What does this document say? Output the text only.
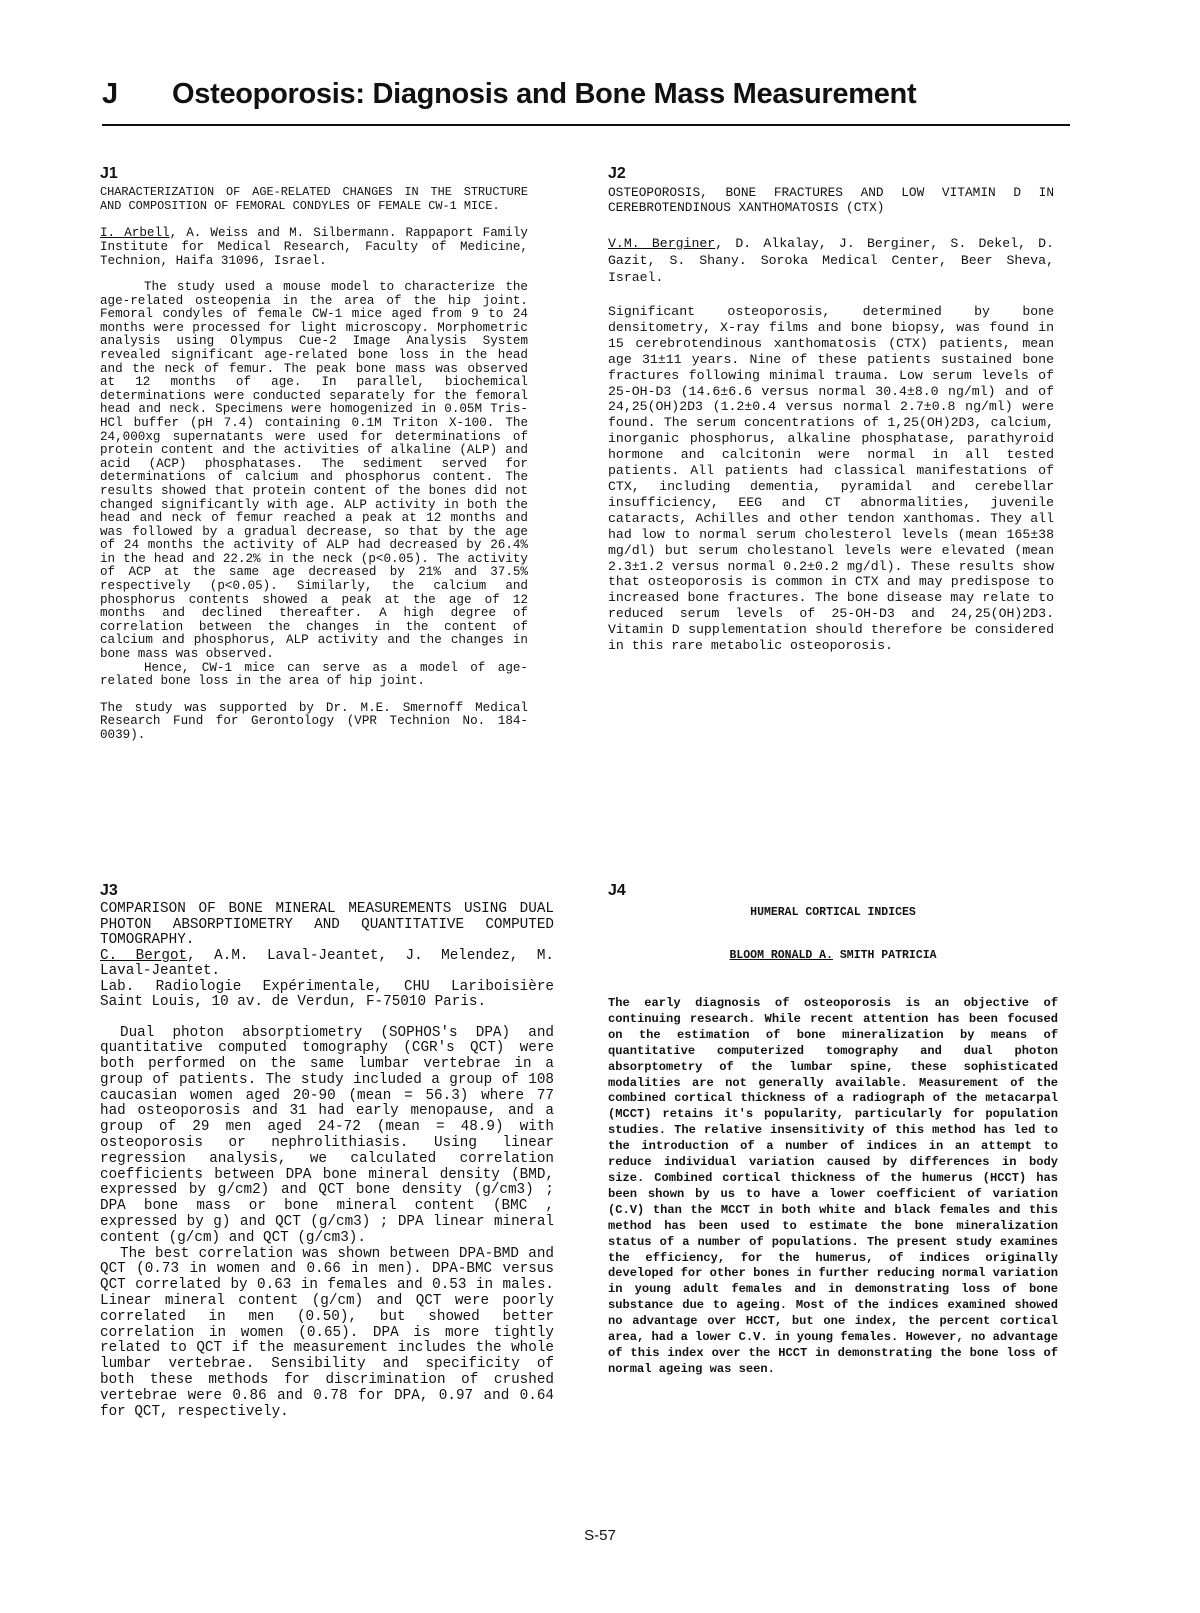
J Osteoporosis: Diagnosis and Bone Mass Measurement
J1

CHARACTERIZATION OF AGE-RELATED CHANGES IN THE STRUCTURE AND COMPOSITION OF FEMORAL CONDYLES OF FEMALE CW-1 MICE.

I. Arbell, A. Weiss and M. Silbermann. Rappaport Family Institute for Medical Research, Faculty of Medicine, Technion, Haifa 31096, Israel.

The study used a mouse model to characterize the age-related osteopenia in the area of the hip joint. Femoral condyles of female CW-1 mice aged from 9 to 24 months were processed for light microscopy. Morphometric analysis using Olympus Cue-2 Image Analysis System revealed significant age-related bone loss in the head and the neck of femur. The peak bone mass was observed at 12 months of age. In parallel, biochemical determinations were conducted separately for the femoral head and neck. Specimens were homogenized in 0.05M Tris-HCl buffer (pH 7.4) containing 0.1M Triton X-100. The 24,000xg supernatants were used for determinations of protein content and the activities of alkaline (ALP) and acid (ACP) phosphatases. The sediment served for determinations of calcium and phosphorus content. The results showed that protein content of the bones did not changed significantly with age. ALP activity in both the head and neck of femur reached a peak at 12 months and was followed by a gradual decrease, so that by the age of 24 months the activity of ALP had decreased by 26.4% in the head and 22.2% in the neck (p<0.05). The activity of ACP at the same age decreased by 21% and 37.5% respectively (p<0.05). Similarly, the calcium and phosphorus contents showed a peak at the age of 12 months and declined thereafter. A high degree of correlation between the changes in the content of calcium and phosphorus, ALP activity and the changes in bone mass was observed.

Hence, CW-1 mice can serve as a model of age-related bone loss in the area of hip joint.

The study was supported by Dr. M.E. Smernoff Medical Research Fund for Gerontology (VPR Technion No. 184-0039).

J2

OSTEOPOROSIS, BONE FRACTURES AND LOW VITAMIN D IN CEREBROTENDINOUS XANTHOMATOSIS (CTX)

V.M. Berginer, D. Alkalay, J. Berginer, S. Dekel, D. Gazit, S. Shany. Soroka Medical Center, Beer Sheva, Israel.

Significant osteoporosis, determined by bone densitometry, X-ray films and bone biopsy, was found in 15 cerebrotendinous xanthomatosis (CTX) patients, mean age 31±11 years. Nine of these patients sustained bone fractures following minimal trauma. Low serum levels of 25-OH-D3 (14.6±6.6 versus normal 30.4±8.0 ng/ml) and of 24,25(OH)2D3 (1.2±0.4 versus normal 2.7±0.8 ng/ml) were found. The serum concentrations of 1,25(OH)2D3, calcium, inorganic phosphorus, alkaline phosphatase, parathyroid hormone and calcitonin were normal in all tested patients. All patients had classical manifestations of CTX, including dementia, pyramidal and cerebellar insufficiency, EEG and CT abnormalities, juvenile cataracts, Achilles and other tendon xanthomas. They all had low to normal serum cholesterol levels (mean 165±38 mg/dl) but serum cholestanol levels were elevated (mean 2.3±1.2 versus normal 0.2±0.2 mg/dl). These results show that osteoporosis is common in CTX and may predispose to increased bone fractures. The bone disease may relate to reduced serum levels of 25-OH-D3 and 24,25(OH)2D3. Vitamin D supplementation should therefore be considered in this rare metabolic osteoporosis.

J3

COMPARISON OF BONE MINERAL MEASUREMENTS USING DUAL PHOTON ABSORPTIOMETRY AND QUANTITATIVE COMPUTED TOMOGRAPHY.

C. Bergot, A.M. Laval-Jeantet, J. Melendez, M. Laval-Jeantet.

Lab. Radiologie Expérimentale, CHU Lariboisière Saint Louis, 10 av. de Verdun, F-75010 Paris.

Dual photon absorptiometry (SOPHOS's DPA) and quantitative computed tomography (CGR's QCT) were both performed on the same lumbar vertebrae in a group of patients. The study included a group of 108 caucasian women aged 20-90 (mean = 56.3) where 77 had osteoporosis and 31 had early menopause, and a group of 29 men aged 24-72 (mean = 48.9) with osteoporosis or nephrolithiasis. Using linear regression analysis, we calculated correlation coefficients between DPA bone mineral density (BMD, expressed by g/cm2) and QCT bone density (g/cm3) ; DPA bone mass or bone mineral content (BMC , expressed by g) and QCT (g/cm3) ; DPA linear mineral content (g/cm) and QCT (g/cm3).

The best correlation was shown between DPA-BMD and QCT (0.73 in women and 0.66 in men). DPA-BMC versus QCT correlated by 0.63 in females and 0.53 in males. Linear mineral content (g/cm) and QCT were poorly correlated in men (0.50), but showed better correlation in women (0.65). DPA is more tightly related to QCT if the measurement includes the whole lumbar vertebrae. Sensibility and specificity of both these methods for discrimination of crushed vertebrae were 0.86 and 0.78 for DPA, 0.97 and 0.64 for QCT, respectively.

J4

HUMERAL CORTICAL INDICES

BLOOM RONALD A. SMITH PATRICIA

The early diagnosis of osteoporosis is an objective of continuing research. While recent attention has been focused on the estimation of bone mineralization by means of quantitative computerized tomography and dual photon absorptometry of the lumbar spine, these sophisticated modalities are not generally available. Measurement of the combined cortical thickness of a radiograph of the metacarpal (MCCT) retains it's popularity, particularly for population studies. The relative insensitivity of this method has led to the introduction of a number of indices in an attempt to reduce individual variation caused by differences in body size. Combined cortical thickness of the humerus (HCCT) has been shown by us to have a lower coefficient of variation (C.V) than the MCCT in both white and black females and this method has been used to estimate the bone mineralization status of a number of populations. The present study examines the efficiency, for the humerus, of indices originally developed for other bones in further reducing normal variation in young adult females and in demonstrating loss of bone substance due to ageing. Most of the indices examined showed no advantage over HCCT, but one index, the percent cortical area, had a lower C.V. in young females. However, no advantage of this index over the HCCT in demonstrating the bone loss of normal ageing was seen.

S-57
